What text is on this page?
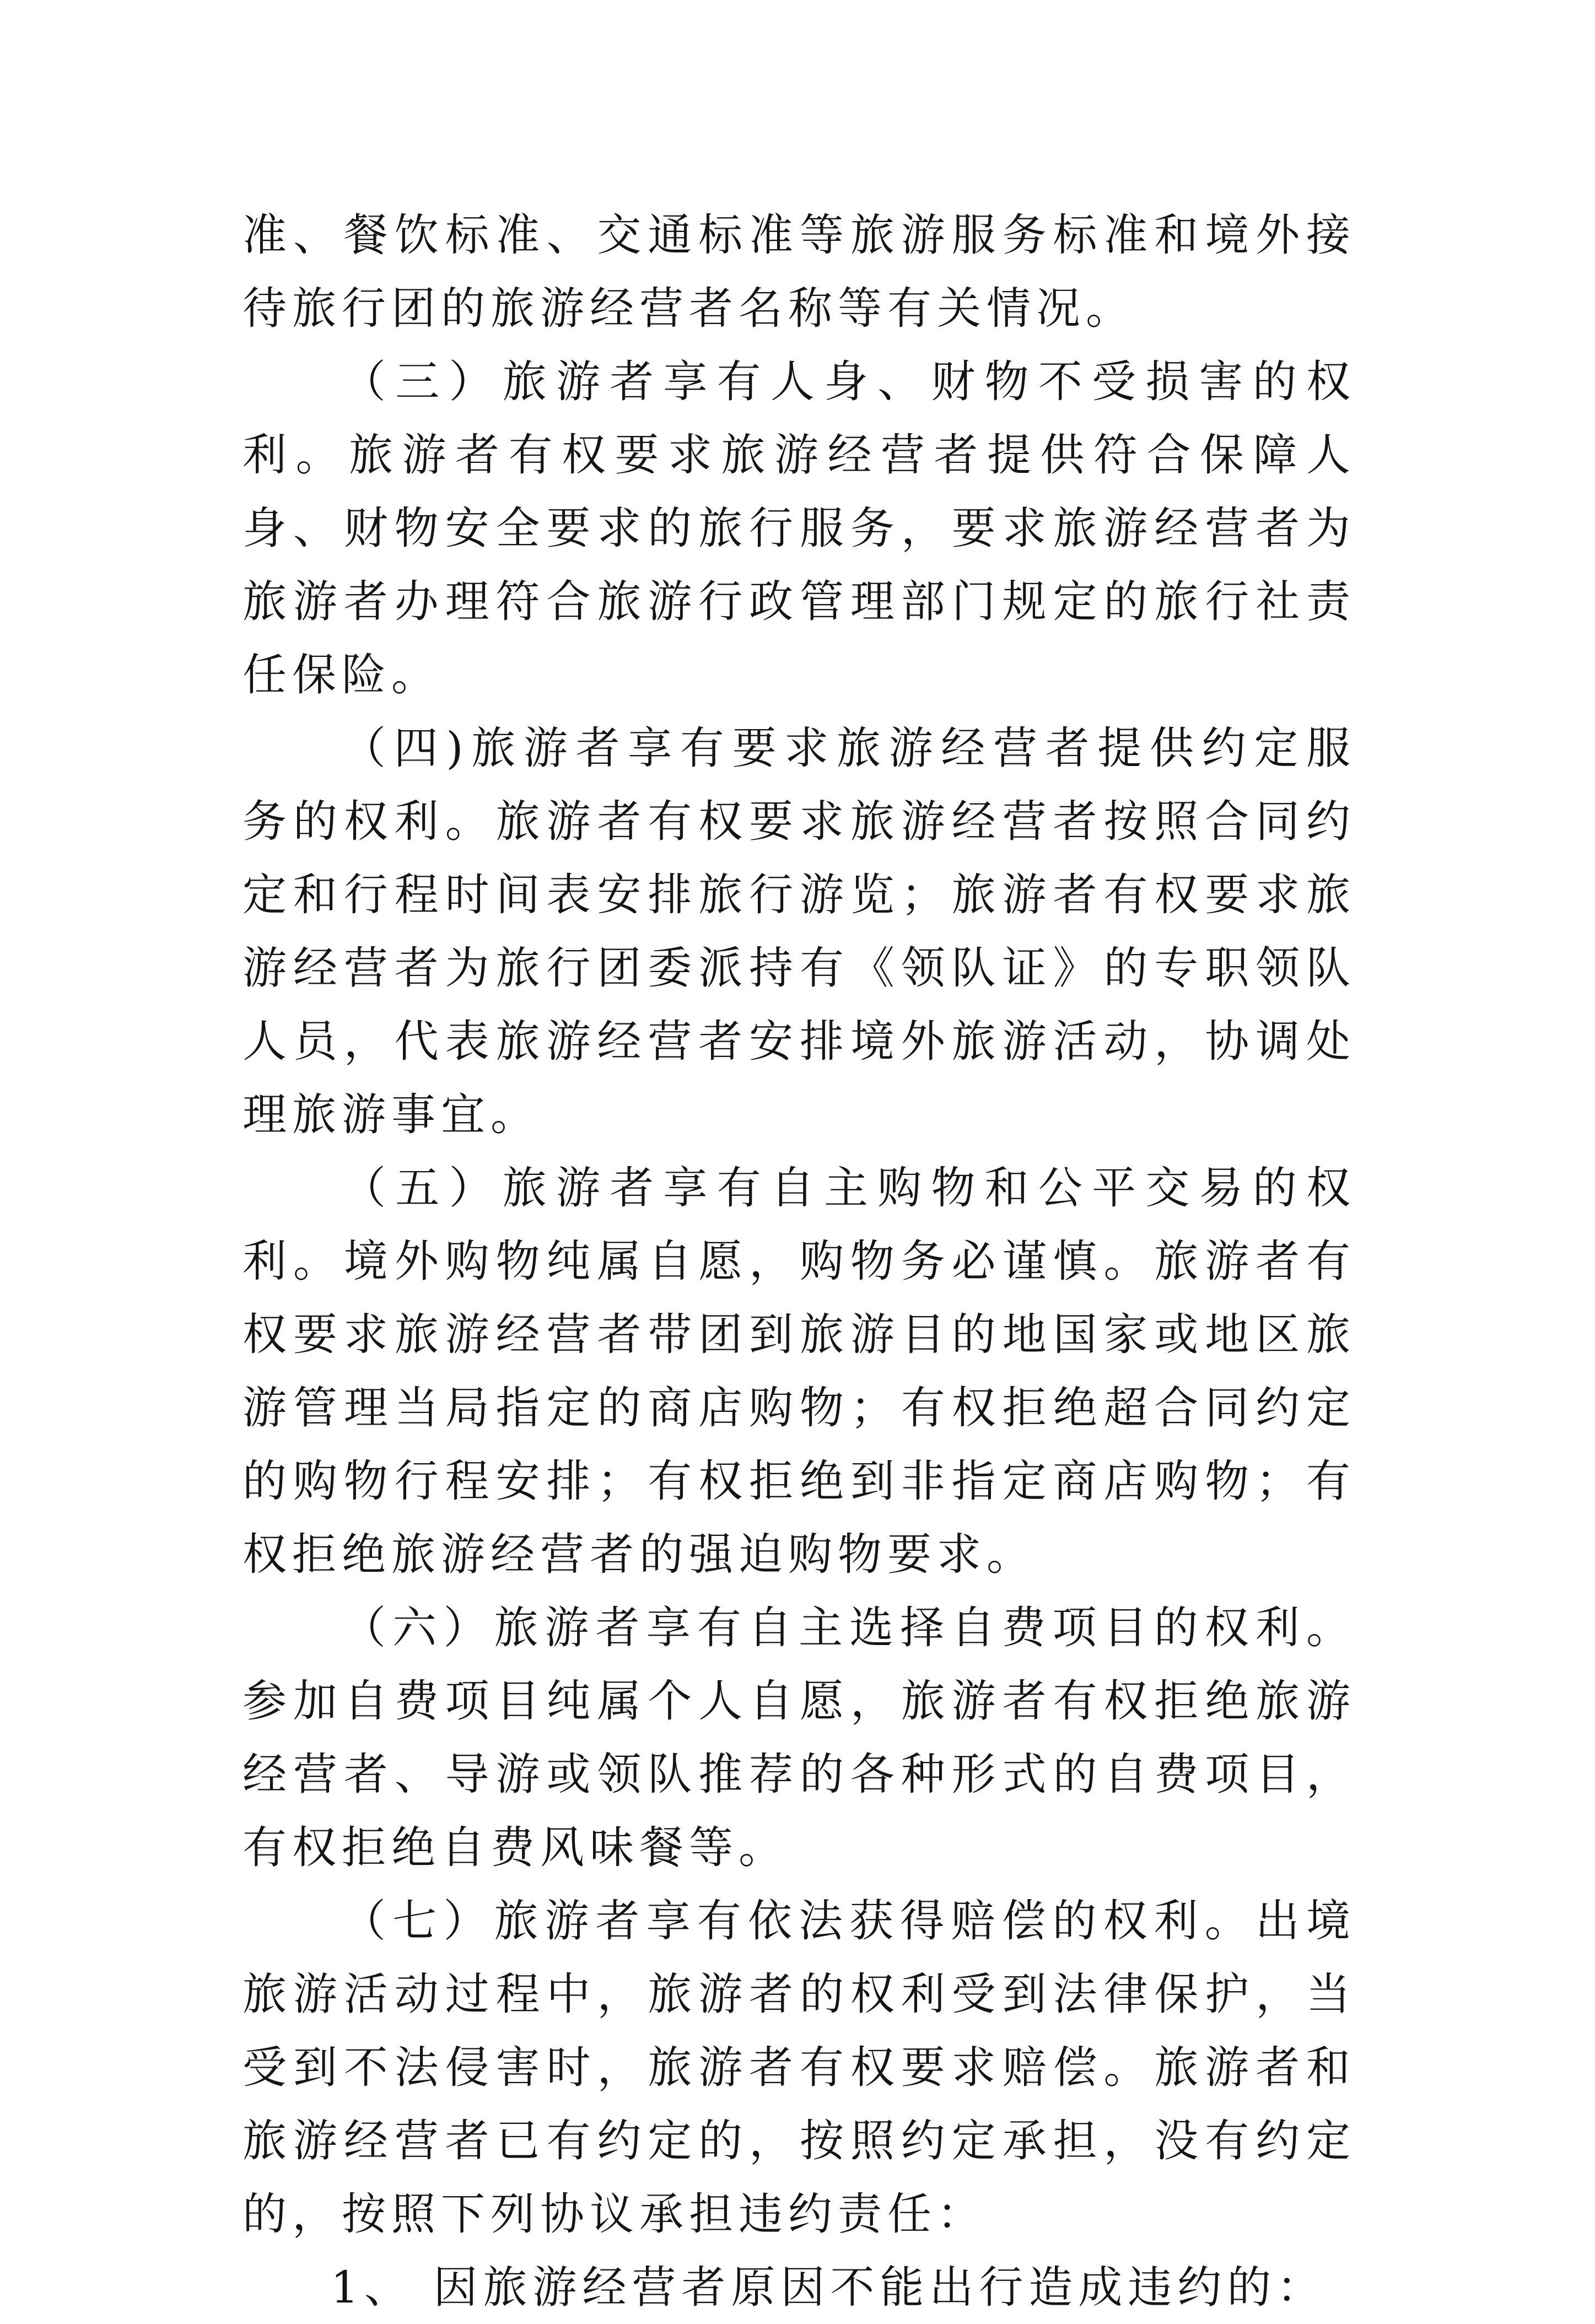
准、餐饮标准、交通标准等旅游服务标准和境外接待旅行团的旅游经营者名称等有关情况。

（三）旅游者享有人身、财物不受损害的权利。旅游者有权要求旅游经营者提供符合保障人身、财物安全要求的旅行服务，要求旅游经营者为旅游者办理符合旅游行政管理部门规定的旅行社责任保险。

（四)旅游者享有要求旅游经营者提供约定服务的权利。旅游者有权要求旅游经营者按照合同约定和行程时间表安排旅行游览；旅游者有权要求旅游经营者为旅行团委派持有《领队证》的专职领队人员，代表旅游经营者安排境外旅游活动，协调处理旅游事宜。

（五）旅游者享有自主购物和公平交易的权利。境外购物纯属自愿，购物务必谨慎。旅游者有权要求旅游经营者带团到旅游目的地国家或地区旅游管理当局指定的商店购物；有权拒绝超合同约定的购物行程安排；有权拒绝到非指定商店购物；有权拒绝旅游经营者的强迫购物要求。

（六）旅游者享有自主选择自费项目的权利。参加自费项目纯属个人自愿，旅游者有权拒绝旅游经营者、导游或领队推荐的各种形式的自费项目，有权拒绝自费风味餐等。

（七）旅游者享有依法获得赔偿的权利。出境旅游活动过程中，旅游者的权利受到法律保护，当受到不法侵害时，旅游者有权要求赔偿。旅游者和旅游经营者已有约定的，按照约定承担，没有约定的，按照下列协议承担违约责任：

1、 因旅游经营者原因不能出行造成违约的：
